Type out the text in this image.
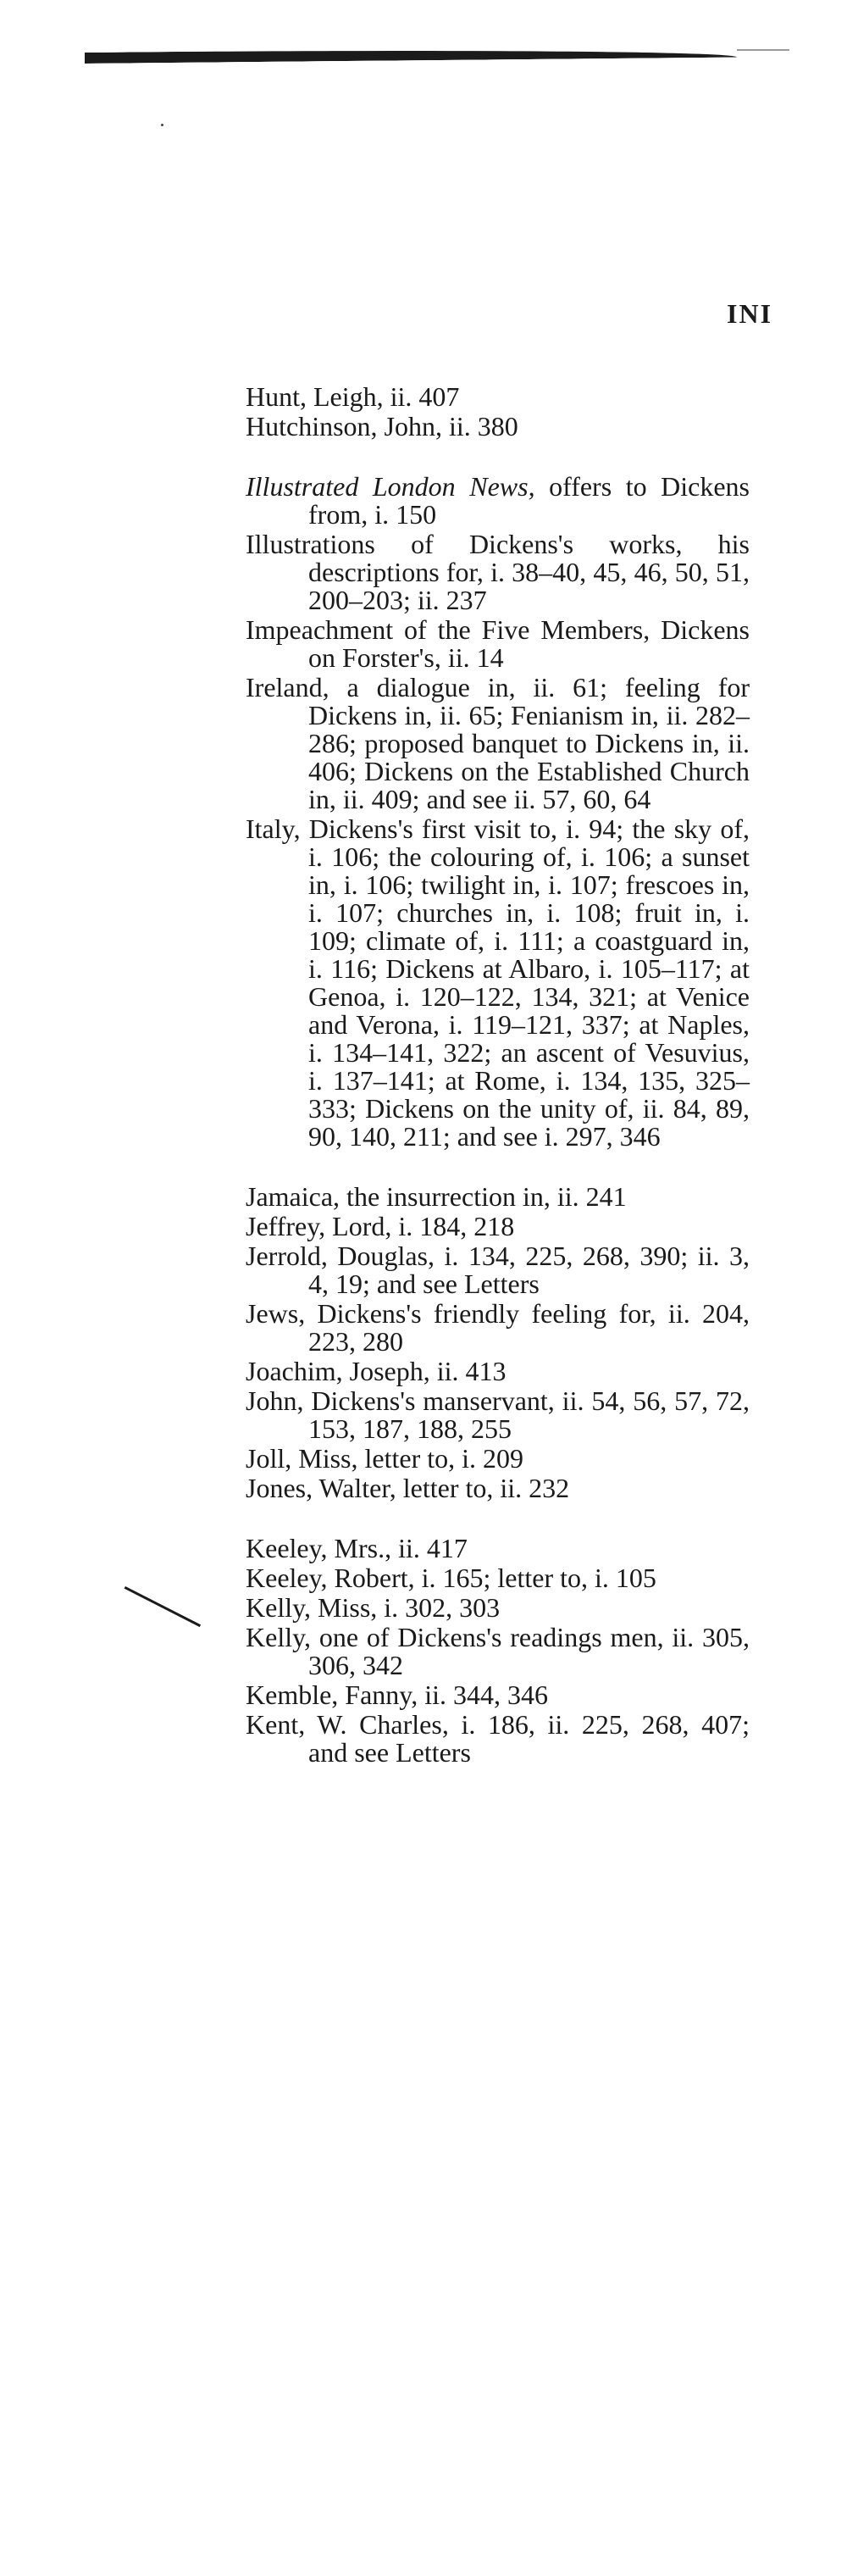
INI
Hunt, Leigh, ii. 407
Hutchinson, John, ii. 380
Illustrated London News, offers to Dickens from, i. 150
Illustrations of Dickens's works, his descriptions for, i. 38–40, 45, 46, 50, 51, 200–203; ii. 237
Impeachment of the Five Members, Dickens on Forster's, ii. 14
Ireland, a dialogue in, ii. 61; feeling for Dickens in, ii. 65; Fenianism in, ii. 282–286; proposed banquet to Dickens in, ii. 406; Dickens on the Established Church in, ii. 409; and see ii. 57, 60, 64
Italy, Dickens's first visit to, i. 94; the sky of, i. 106; the colouring of, i. 106; a sunset in, i. 106; twilight in, i. 107; frescoes in, i. 107; churches in, i. 108; fruit in, i. 109; climate of, i. 111; a coastguard in, i. 116; Dickens at Albaro, i. 105–117; at Genoa, i. 120–122, 134, 321; at Venice and Verona, i. 119–121, 337; at Naples, i. 134–141, 322; an ascent of Vesuvius, i. 137–141; at Rome, i. 134, 135, 325–333; Dickens on the unity of, ii. 84, 89, 90, 140, 211; and see i. 297, 346
Jamaica, the insurrection in, ii. 241
Jeffrey, Lord, i. 184, 218
Jerrold, Douglas, i. 134, 225, 268, 390; ii. 3, 4, 19; and see Letters
Jews, Dickens's friendly feeling for, ii. 204, 223, 280
Joachim, Joseph, ii. 413
John, Dickens's manservant, ii. 54, 56, 57, 72, 153, 187, 188, 255
Joll, Miss, letter to, i. 209
Jones, Walter, letter to, ii. 232
Keeley, Mrs., ii. 417
Keeley, Robert, i. 165; letter to, i. 105
Kelly, Miss, i. 302, 303
Kelly, one of Dickens's readings men, ii. 305, 306, 342
Kemble, Fanny, ii. 344, 346
Kent, W. Charles, i. 186, ii. 225, 268, 407; and see Letters
